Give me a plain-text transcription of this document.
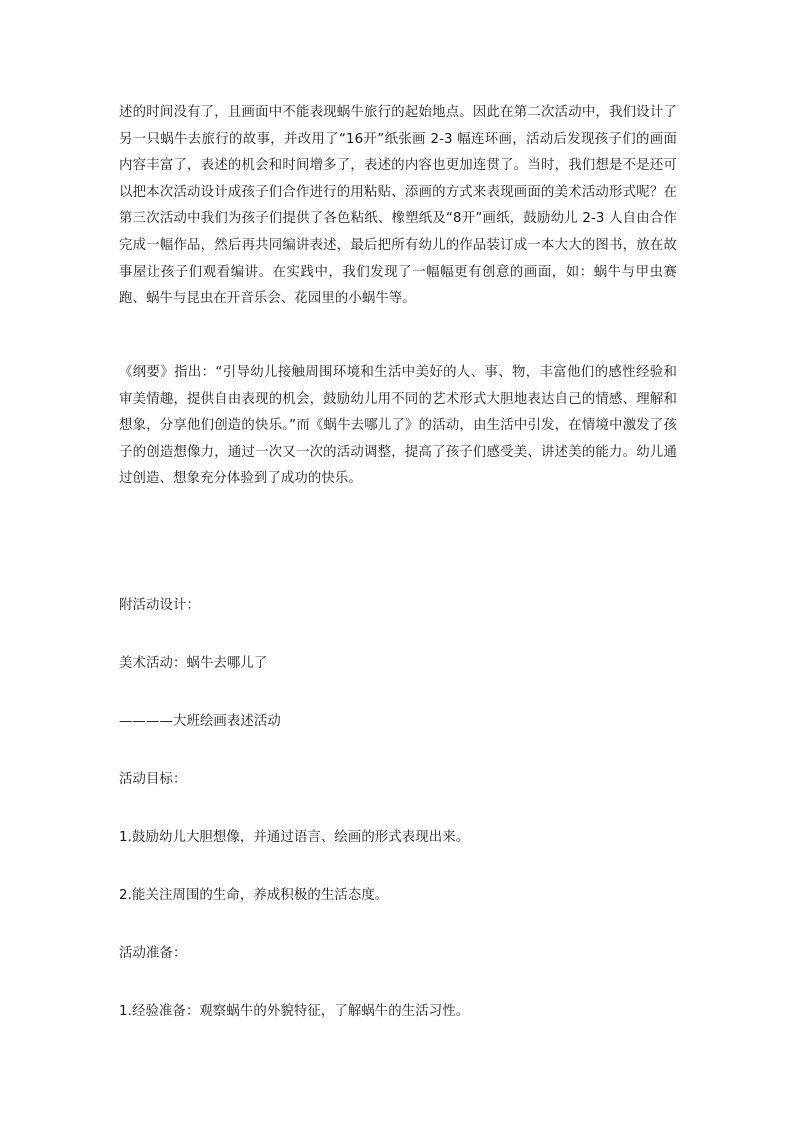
述的时间没有了，且画面中不能表现蜗牛旅行的起始地点。因此在第二次活动中，我们设计了另一只蜗牛去旅行的故事，并改用了“16开”纸张画 2-3 幅连环画，活动后发现孩子们的画面内容丰富了，表述的机会和时间增多了，表述的内容也更加连贯了。当时，我们想是不是还可以把本次活动设计成孩子们合作进行的用粘贴、添画的方式来表现画面的美术活动形式呢？在第三次活动中我们为孩子们提供了各色粘纸、橡塑纸及“8开”画纸，鼓励幼儿 2-3 人自由合作完成一幅作品，然后再共同编讲表述，最后把所有幼儿的作品装订成一本大大的图书，放在故事屋让孩子们观看编讲。在实践中，我们发现了一幅幅更有创意的画面，如：蜗牛与甲虫赛跑、蜗牛与昆虫在开音乐会、花园里的小蜗牛等。

《纲要》指出：“引导幼儿接触周围环境和生活中美好的人、事、物，丰富他们的感性经验和审美情趣，提供自由表现的机会，鼓励幼儿用不同的艺术形式大胆地表达自己的情感、理解和想象，分享他们创造的快乐。”而《蜗牛去哪儿了》的活动，由生活中引发，在情境中激发了孩子的创造想像力，通过一次又一次的活动调整，提高了孩子们感受美、讲述美的能力。幼儿通过创造、想象充分体验到了成功的快乐。

附活动设计：

美术活动：蜗牛去哪儿了

————大班绘画表述活动

活动目标：

1.鼓励幼儿大胆想像，并通过语言、绘画的形式表现出来。

2.能关注周围的生命，养成积极的生活态度。

活动准备：

1.经验准备：观察蜗牛的外貌特征，了解蜗牛的生活习性。
